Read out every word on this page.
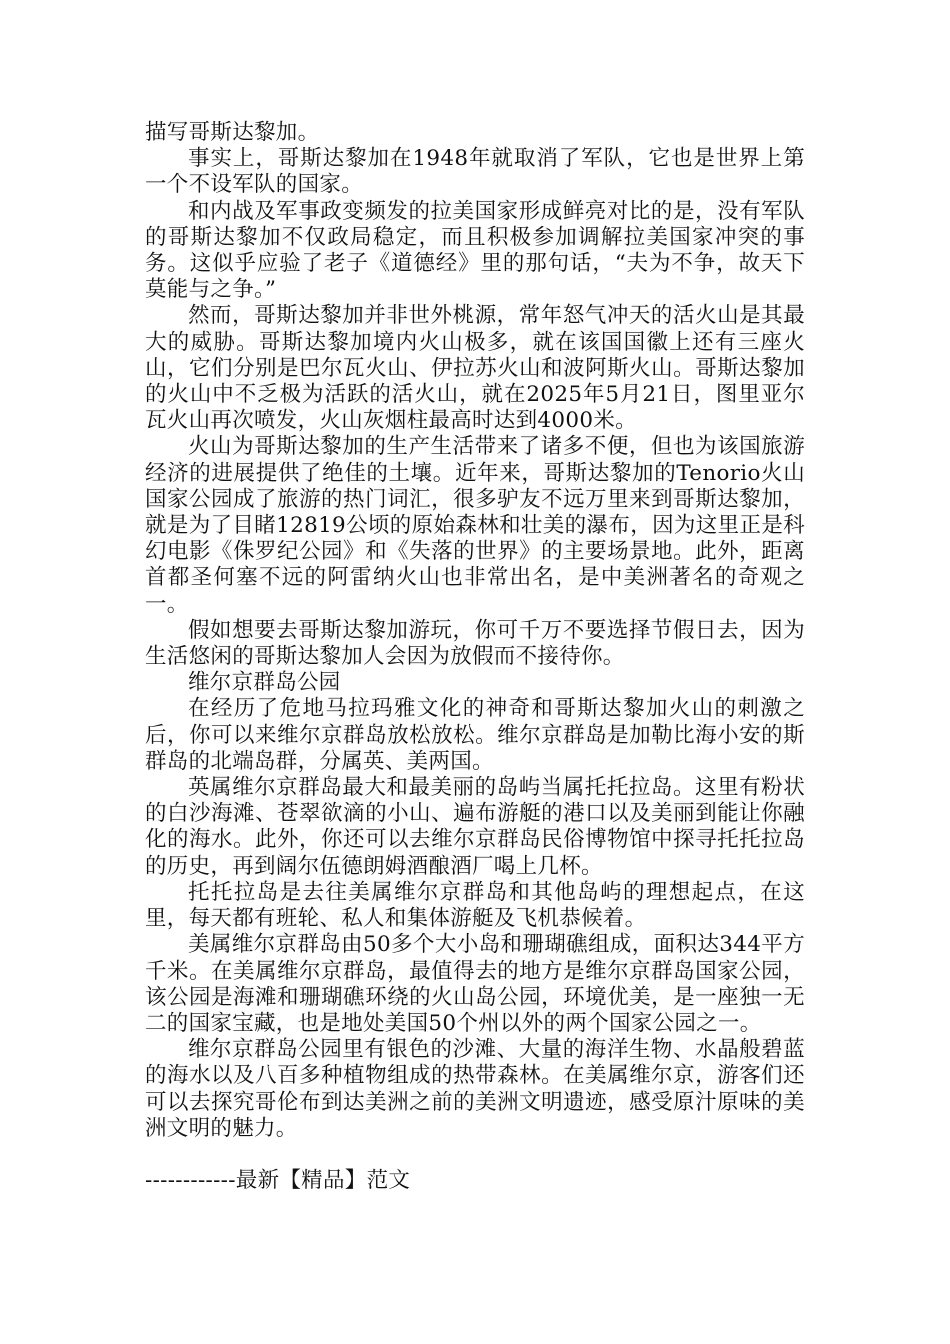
描写哥斯达黎加。

事实上，哥斯达黎加在1948年就取消了军队，它也是世界上第一个不设军队的国家。

和内战及军事政变频发的拉美国家形成鲜亮对比的是，没有军队的哥斯达黎加不仅政局稳定，而且积极参加调解拉美国家冲突的事务。这似乎应验了老子《道德经》里的那句话，“夫为不争，故天下莫能与之争。”

然而，哥斯达黎加并非世外桃源，常年怒气冲天的活火山是其最大的威胁。哥斯达黎加境内火山极多，就在该国国徽上还有三座火山，它们分别是巴尔瓦火山、伊拉苏火山和波阿斯火山。哥斯达黎加的火山中不乏极为活跃的活火山，就在2025年5月21日，图里亚尔瓦火山再次喷发，火山灰烟柱最高时达到4000米。

火山为哥斯达黎加的生产生活带来了诸多不便，但也为该国旅游经济的进展提供了绝佳的土壤。近年来，哥斯达黎加的Tenorio火山国家公园成了旅游的热门词汇，很多驴友不远万里来到哥斯达黎加，就是为了目睹12819公顷的原始森林和壮美的瀑布，因为这里正是科幻电影《侏罗纪公园》和《失落的世界》的主要场景地。此外，距离首都圣何塞不远的阿雷纳火山也非常出名，是中美洲著名的奇观之一。

假如想要去哥斯达黎加游玩，你可千万不要选择节假日去，因为生活悠闲的哥斯达黎加人会因为放假而不接待你。

维尔京群岛公园

在经历了危地马拉玛雅文化的神奇和哥斯达黎加火山的刺激之后，你可以来维尔京群岛放松放松。维尔京群岛是加勒比海小安的斯群岛的北端岛群，分属英、美两国。

英属维尔京群岛最大和最美丽的岛屿当属托托拉岛。这里有粉状的白沙海滩、苍翠欲滴的小山、遍布游艇的港口以及美丽到能让你融化的海水。此外，你还可以去维尔京群岛民俗博物馆中探寻托托拉岛的历史，再到阔尔伍德朗姆酒酿酒厂喝上几杯。

托托拉岛是去往美属维尔京群岛和其他岛屿的理想起点，在这里，每天都有班轮、私人和集体游艇及飞机恭候着。

美属维尔京群岛由50多个大小岛和珊瑚礁组成，面积达344平方千米。在美属维尔京群岛，最值得去的地方是维尔京群岛国家公园，该公园是海滩和珊瑚礁环绕的火山岛公园，环境优美，是一座独一无二的国家宝藏，也是地处美国50个州以外的两个国家公园之一。

维尔京群岛公园里有银色的沙滩、大量的海洋生物、水晶般碧蓝的海水以及八百多种植物组成的热带森林。在美属维尔京，游客们还可以去探究哥伦布到达美洲之前的美洲文明遗迹，感受原汁原味的美洲文明的魅力。

------------最新【精品】范文
